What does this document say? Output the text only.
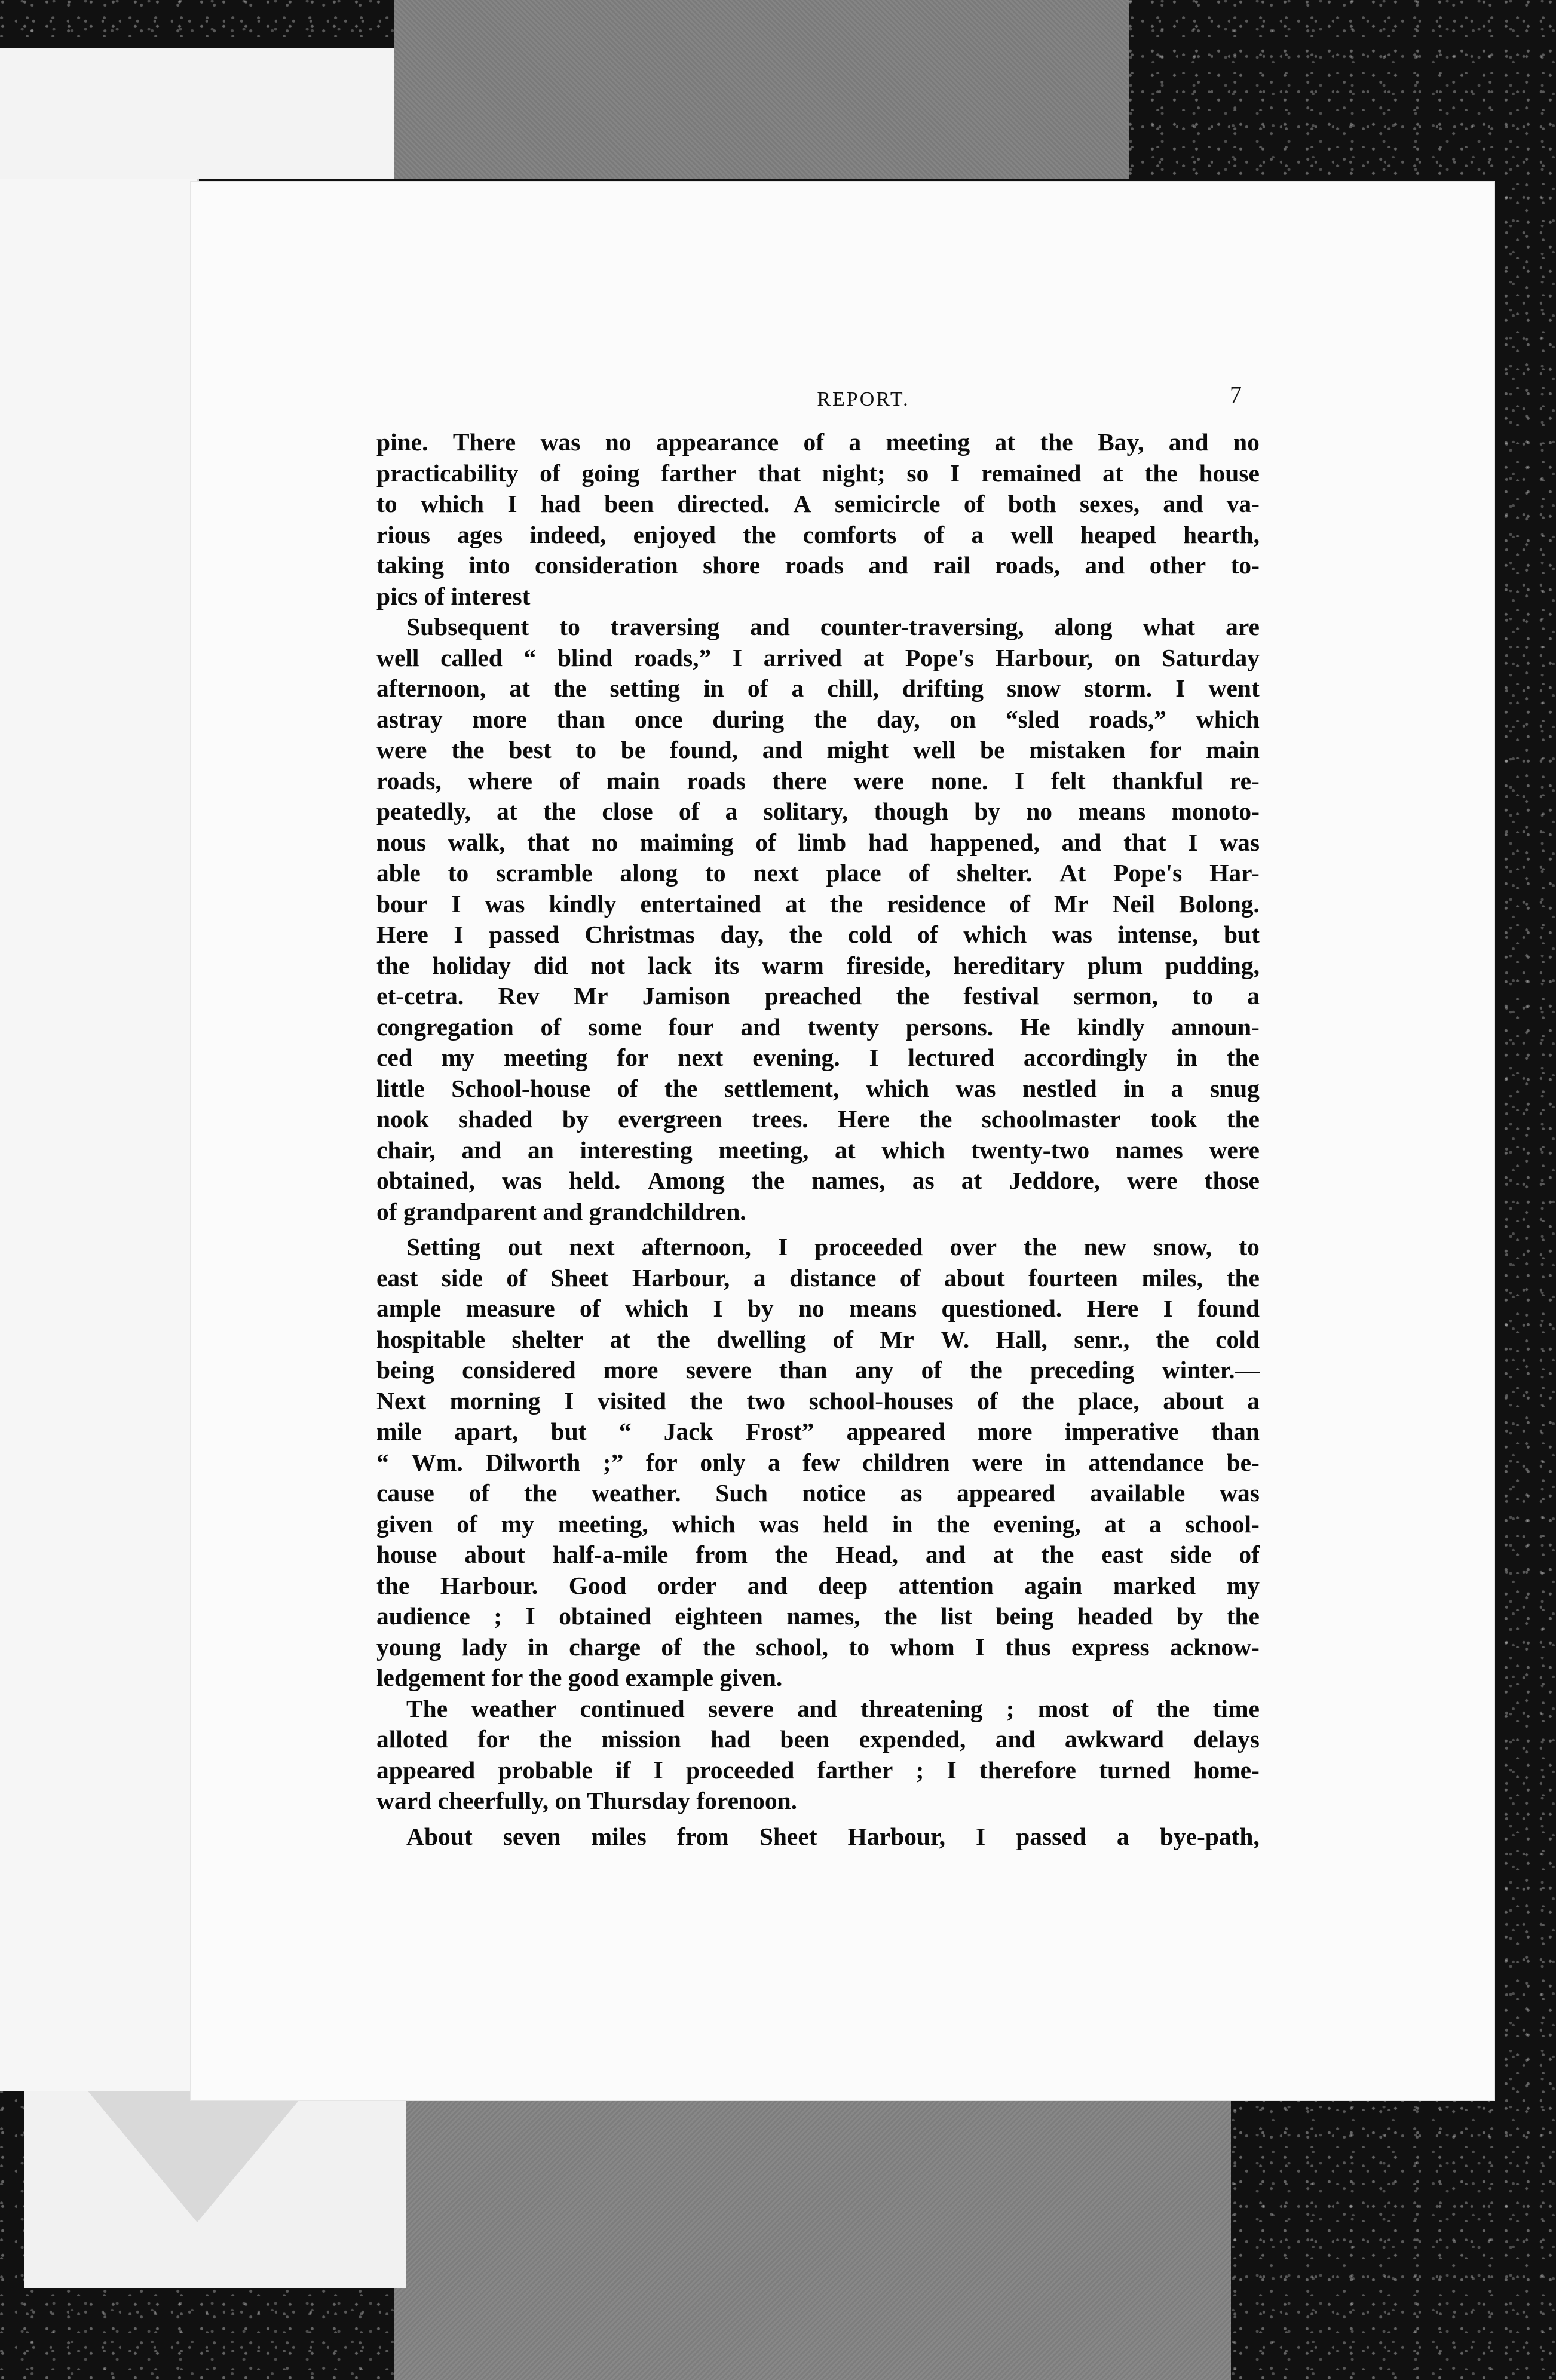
REPORT.	7
pine. There was no appearance of a meeting at the Bay, and no
practicability of going farther that night; so I remained at the house
to which I had been directed. A semicircle of both sexes, and va-
rious ages indeed, enjoyed the comforts of a well heaped hearth,
taking into consideration shore roads and rail roads, and other to-
pics of interest
Subsequent to traversing and counter-traversing, along what are
well called “ blind roads,” I arrived at Pope's Harbour, on Saturday
afternoon, at the setting in of a chill, drifting snow storm. I went
astray more than once during the day, on “sled roads,” which
were the best to be found, and might well be mistaken for main
roads, where of main roads there were none. I felt thankful re-
peatedly, at the close of a solitary, though by no means monoto-
nous walk, that no maiming of limb had happened, and that I was
able to scramble along to next place of shelter. At Pope's Har-
bour I was kindly entertained at the residence of Mr Neil Bolong.
Here I passed Christmas day, the cold of which was intense, but
the holiday did not lack its warm fireside, hereditary plum pudding,
et-cetra. Rev Mr Jamison preached the festival sermon, to a
congregation of some four and twenty persons. He kindly announ-
ced my meeting for next evening. I lectured accordingly in the
little School-house of the settlement, which was nestled in a snug
nook shaded by evergreen trees. Here the schoolmaster took the
chair, and an interesting meeting, at which twenty-two names were
obtained, was held. Among the names, as at Jeddore, were those
of grandparent and grandchildren.
Setting out next afternoon, I proceeded over the new snow, to
east side of Sheet Harbour, a distance of about fourteen miles, the
ample measure of which I by no means questioned. Here I found
hospitable shelter at the dwelling of Mr W. Hall, senr., the cold
being considered more severe than any of the preceding winter.—
Next morning I visited the two school-houses of the place, about a
mile apart, but “ Jack Frost” appeared more imperative than
“ Wm. Dilworth ;” for only a few children were in attendance be-
cause of the weather. Such notice as appeared available was
given of my meeting, which was held in the evening, at a school-
house about half-a-mile from the Head, and at the east side of
the Harbour. Good order and deep attention again marked my
audience ; I obtained eighteen names, the list being headed by the
young lady in charge of the school, to whom I thus express acknow-
ledgement for the good example given.
The weather continued severe and threatening ; most of the time
alloted for the mission had been expended, and awkward delays
appeared probable if I proceeded farther ; I therefore turned home-
ward cheerfully, on Thursday forenoon.
About seven miles from Sheet Harbour, I passed a bye-path,
